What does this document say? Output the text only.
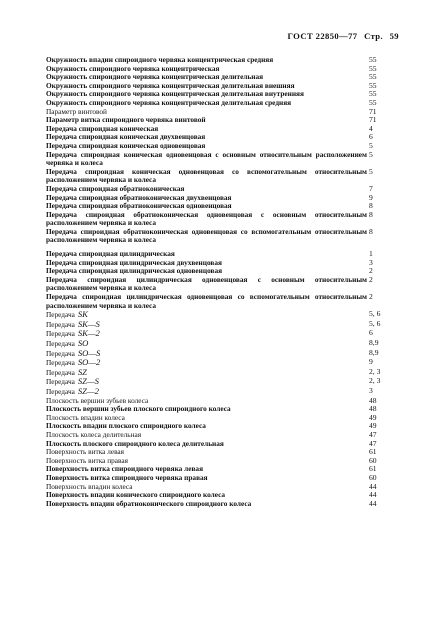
ГОСТ 22850—77 Стр. 59
Окружность впадин спироидного червяка концентрическая средняя	55
Окружность спироидного червяка концентрическая	55
Окружность спироидного червяка концентрическая делительная	55
Окружность спироидного червяка концентрическая делительная внешняя	55
Окружность спироидного червяка концентрическая делительная внутренняя	55
Окружность спироидного червяка концентрическая делительная средняя	55
Параметр винтовой	71
Параметр витка спироидного червяка винтовой	71
Передача спироидная коническая	4
Передача спироидная коническая двухвенцовая	6
Передача спироидная коническая одновенцовая	5
Передача спироидная коническая одновенцовая с основным относительным расположением червяка и колеса
5
Передача спироидная коническая одновенцовая со вспомогательным относительным расположением червяка и колеса
5
Передача спироидная обратноконическая	7
Передача спироидная обратноконическая двухвенцовая	9
Передача спироидная обратноконическая одновенцовая	8
Передача спироидная обратноконическая одновенцовая с основным относительным расположением червяка и колеса
8
Передача спироидная обратноконическая одновенцовая со вспомогательным относительным расположением червяка и колеса
8
Передача спироидная цилиндрическая	1
Передача спироидная цилиндрическая двухвенцовая	3
Передача спироидная цилиндрическая одновенцовая	2
Передача спироидная цилиндрическая одновенцовая с основным относительным расположением червяка и колеса
2
Передача спироидная цилиндрическая одновенцовая со вспомогательным относительным расположением червяка и колеса
2
Передача SK	5, 6
Передача SK—S	5, 6
Передача SK—2	6
Передача SO	8,9
Передача SO—S	8,9
Передача SO—2	9
Передача SZ	2, 3
Передача SZ—S	2, 3
Передача SZ—2	3
Плоскость вершин зубьев колеса	48
Плоскость вершин зубьев плоского спироидного колеса	48
Плоскость впадин колеса	49
Плоскость впадин плоского спироидного колеса	49
Плоскость колеса делительная	47
Плоскость плоского спироидного колеса делительная	47
Поверхность витка левая	61
Поверхность витка правая	60
Поверхность витка спироидного червяка левая	61
Поверхность витка спироидного червяка правая	60
Поверхность впадин колеса	44
Поверхность впадин конического спироидного колеса	44
Поверхность впадин обратноконического спироидного колеса	44
